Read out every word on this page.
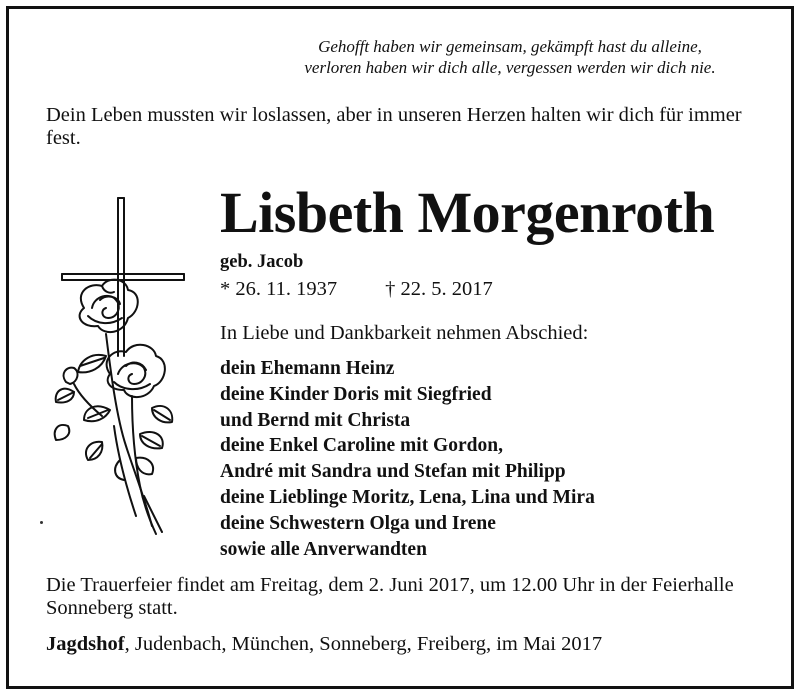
Gehofft haben wir gemeinsam, gekämpft hast du alleine,
verloren haben wir dich alle, vergessen werden wir dich nie.
Dein Leben mussten wir loslassen, aber in unseren Herzen halten wir dich für immer fest.
Lisbeth Morgenroth
geb. Jacob
* 26. 11. 1937 † 22. 5. 2017
In Liebe und Dankbarkeit nehmen Abschied:
dein Ehemann Heinz
deine Kinder Doris mit Siegfried
und Bernd mit Christa
deine Enkel Caroline mit Gordon,
André mit Sandra und Stefan mit Philipp
deine Lieblinge Moritz, Lena, Lina und Mira
deine Schwestern Olga und Irene
sowie alle Anverwandten
Die Trauerfeier findet am Freitag, dem 2. Juni 2017, um 12.00 Uhr in der Feierhalle Sonneberg statt.
Jagdshof, Judenbach, München, Sonneberg, Freiberg, im Mai 2017
